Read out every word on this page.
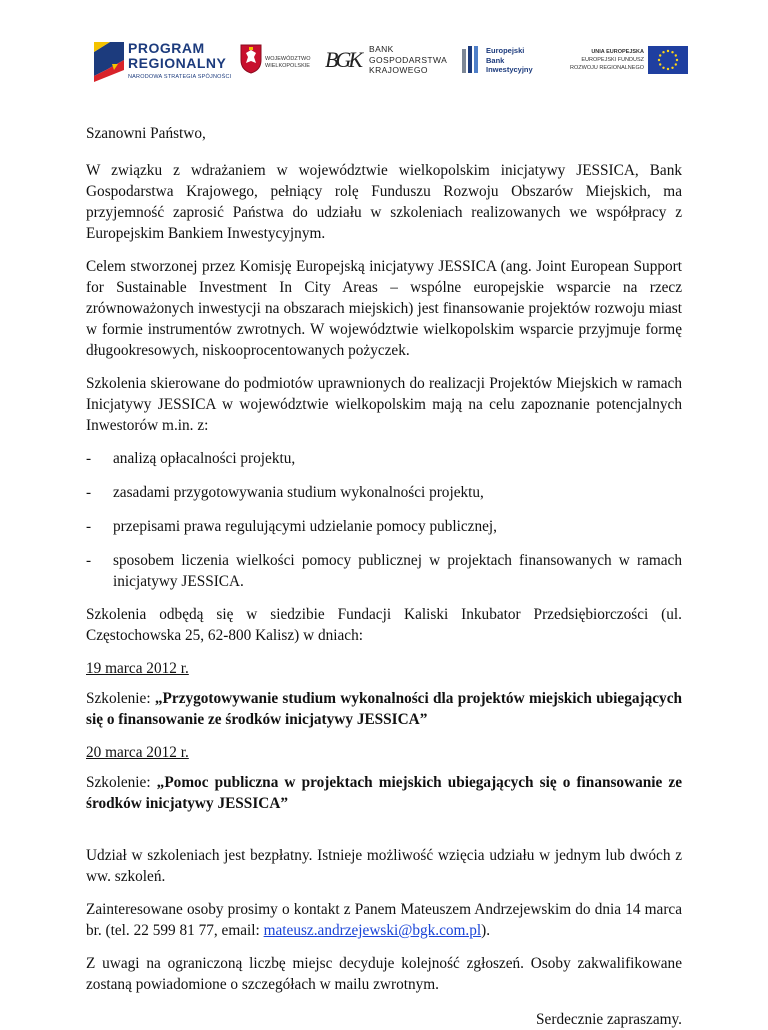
PROGRAM
REGIONALNY
NARODOWA STRATEGIA SPÓJNOŚCI
WOJEWÓDZTWO
WIELKOPOLSKIE BGK BANK
GOSPODARSTWA
KRAJOWEGO
Europejski
Bank
Inwestycyjny
UNIA EUROPEJSKA
EUROPEJSKI FUNDUSZ
ROZWOJU REGIONALNEGO

Szanowni Państwo,

W związku z wdrażaniem w województwie wielkopolskim inicjatywy JESSICA, Bank Gospodarstwa Krajowego, pełniący rolę Funduszu Rozwoju Obszarów Miejskich, ma przyjemność zaprosić Państwa do udziału w szkoleniach realizowanych we współpracy z Europejskim Bankiem Inwestycyjnym.

Celem stworzonej przez Komisję Europejską inicjatywy JESSICA (ang. Joint European Support for Sustainable Investment In City Areas – wspólne europejskie wsparcie na rzecz zrównoważonych inwestycji na obszarach miejskich) jest finansowanie projektów rozwoju miast w formie instrumentów zwrotnych. W województwie wielkopolskim wsparcie przyjmuje formę długookresowych, niskooprocentowanych pożyczek.

Szkolenia skierowane do podmiotów uprawnionych do realizacji Projektów Miejskich w ramach Inicjatywy JESSICA w województwie wielkopolskim mają na celu zapoznanie potencjalnych Inwestorów m.in. z:

- analizą opłacalności projektu,
- zasadami przygotowywania studium wykonalności projektu,
- przepisami prawa regulującymi udzielanie pomocy publicznej,
- sposobem liczenia wielkości pomocy publicznej w projektach finansowanych w ramach inicjatywy JESSICA.

Szkolenia odbędą się w siedzibie Fundacji Kaliski Inkubator Przedsiębiorczości (ul. Częstochowska 25, 62-800 Kalisz) w dniach:

19 marca 2012 r.

Szkolenie: „Przygotowywanie studium wykonalności dla projektów miejskich ubiegających się o finansowanie ze środków inicjatywy JESSICA”

20 marca 2012 r.

Szkolenie: „Pomoc publiczna w projektach miejskich ubiegających się o finansowanie ze środków inicjatywy JESSICA”

Udział w szkoleniach jest bezpłatny. Istnieje możliwość wzięcia udziału w jednym lub dwóch z ww. szkoleń.

Zainteresowane osoby prosimy o kontakt z Panem Mateuszem Andrzejewskim do dnia 14 marca br. (tel. 22 599 81 77, email: mateusz.andrzejewski@bgk.com.pl).

Z uwagi na ograniczoną liczbę miejsc decyduje kolejność zgłoszeń. Osoby zakwalifikowane zostaną powiadomione o szczegółach w mailu zwrotnym.

Serdecznie zapraszamy.
